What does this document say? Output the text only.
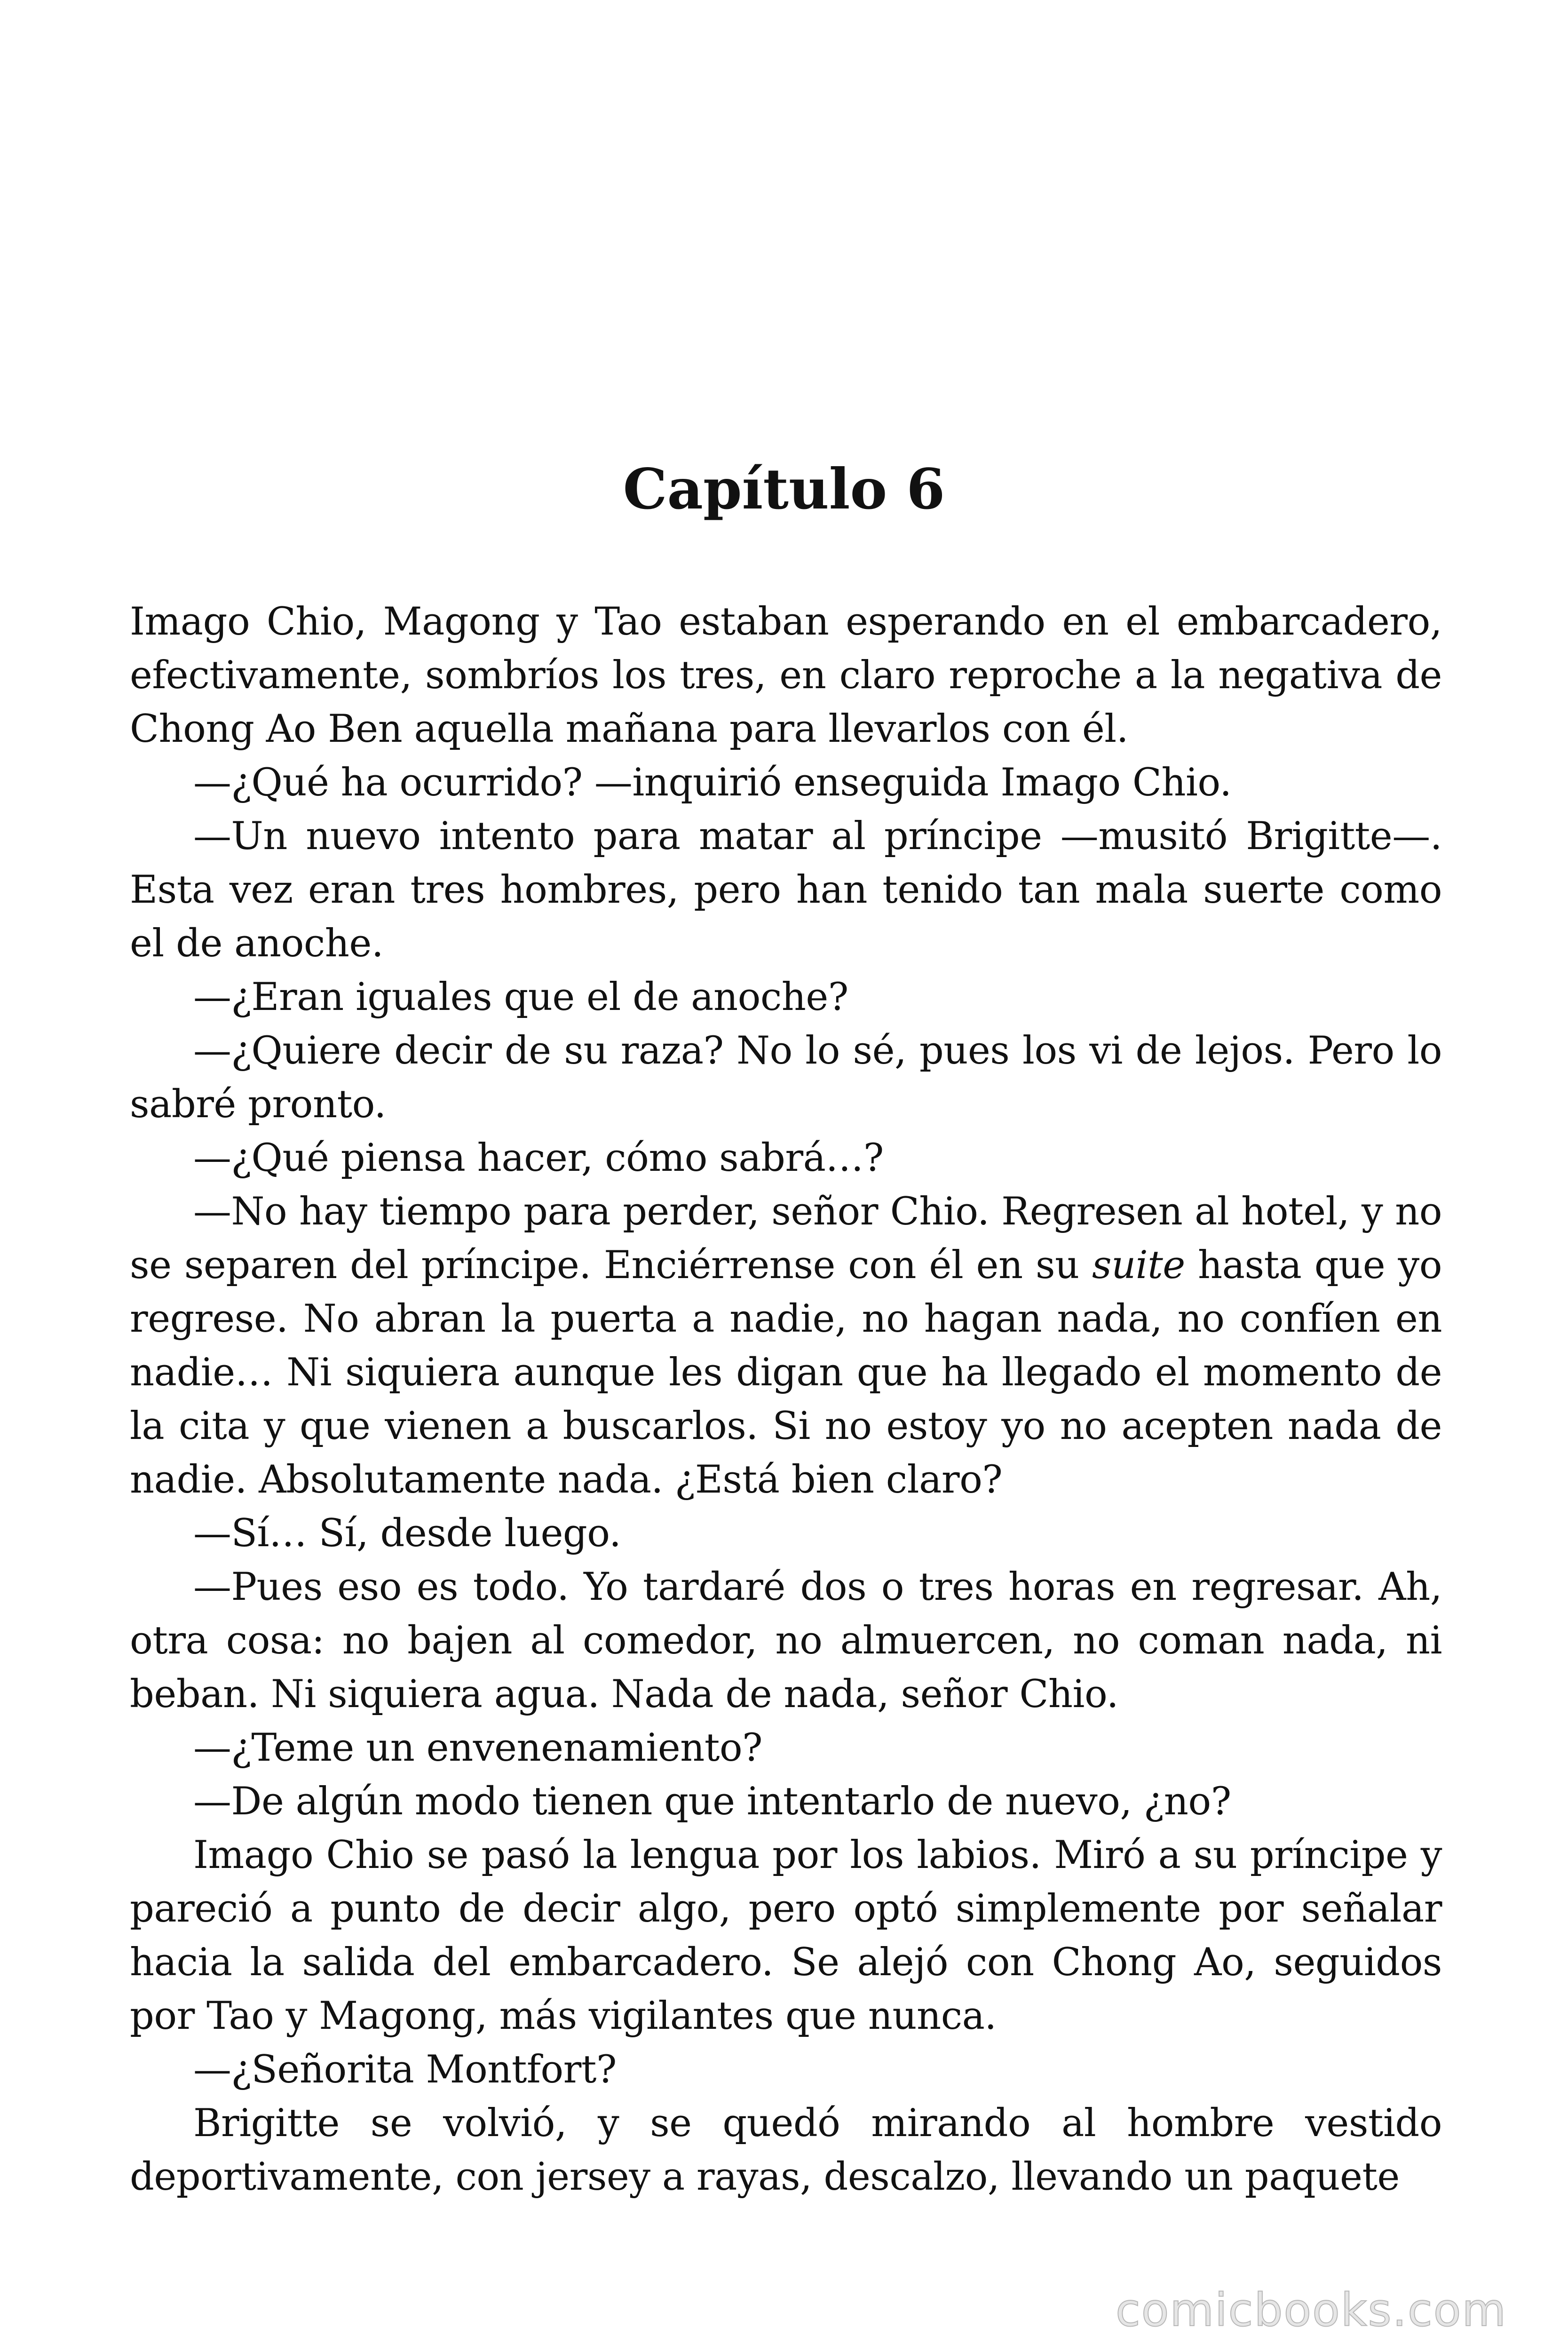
Capítulo 6

Imago Chio, Magong y Tao estaban esperando en el embarcadero, efectivamente, sombríos los tres, en claro reproche a la negativa de Chong Ao Ben aquella mañana para llevarlos con él.

—¿Qué ha ocurrido? —inquirió enseguida Imago Chio.

—Un nuevo intento para matar al príncipe —musitó Brigitte—. Esta vez eran tres hombres, pero han tenido tan mala suerte como el de anoche.

—¿Eran iguales que el de anoche?

—¿Quiere decir de su raza? No lo sé, pues los vi de lejos. Pero lo sabré pronto.

—¿Qué piensa hacer, cómo sabrá…?

—No hay tiempo para perder, señor Chio. Regresen al hotel, y no se separen del príncipe. Enciérrense con él en su suite hasta que yo regrese. No abran la puerta a nadie, no hagan nada, no confíen en nadie… Ni siquiera aunque les digan que ha llegado el momento de la cita y que vienen a buscarlos. Si no estoy yo no acepten nada de nadie. Absolutamente nada. ¿Está bien claro?

—Sí… Sí, desde luego.

—Pues eso es todo. Yo tardaré dos o tres horas en regresar. Ah, otra cosa: no bajen al comedor, no almuercen, no coman nada, ni beban. Ni siquiera agua. Nada de nada, señor Chio.

—¿Teme un envenenamiento?

—De algún modo tienen que intentarlo de nuevo, ¿no?

Imago Chio se pasó la lengua por los labios. Miró a su príncipe y pareció a punto de decir algo, pero optó simplemente por señalar hacia la salida del embarcadero. Se alejó con Chong Ao, seguidos por Tao y Magong, más vigilantes que nunca.

—¿Señorita Montfort?

Brigitte se volvió, y se quedó mirando al hombre vestido deportivamente, con jersey a rayas, descalzo, llevando un paquete

comicbooks.com
